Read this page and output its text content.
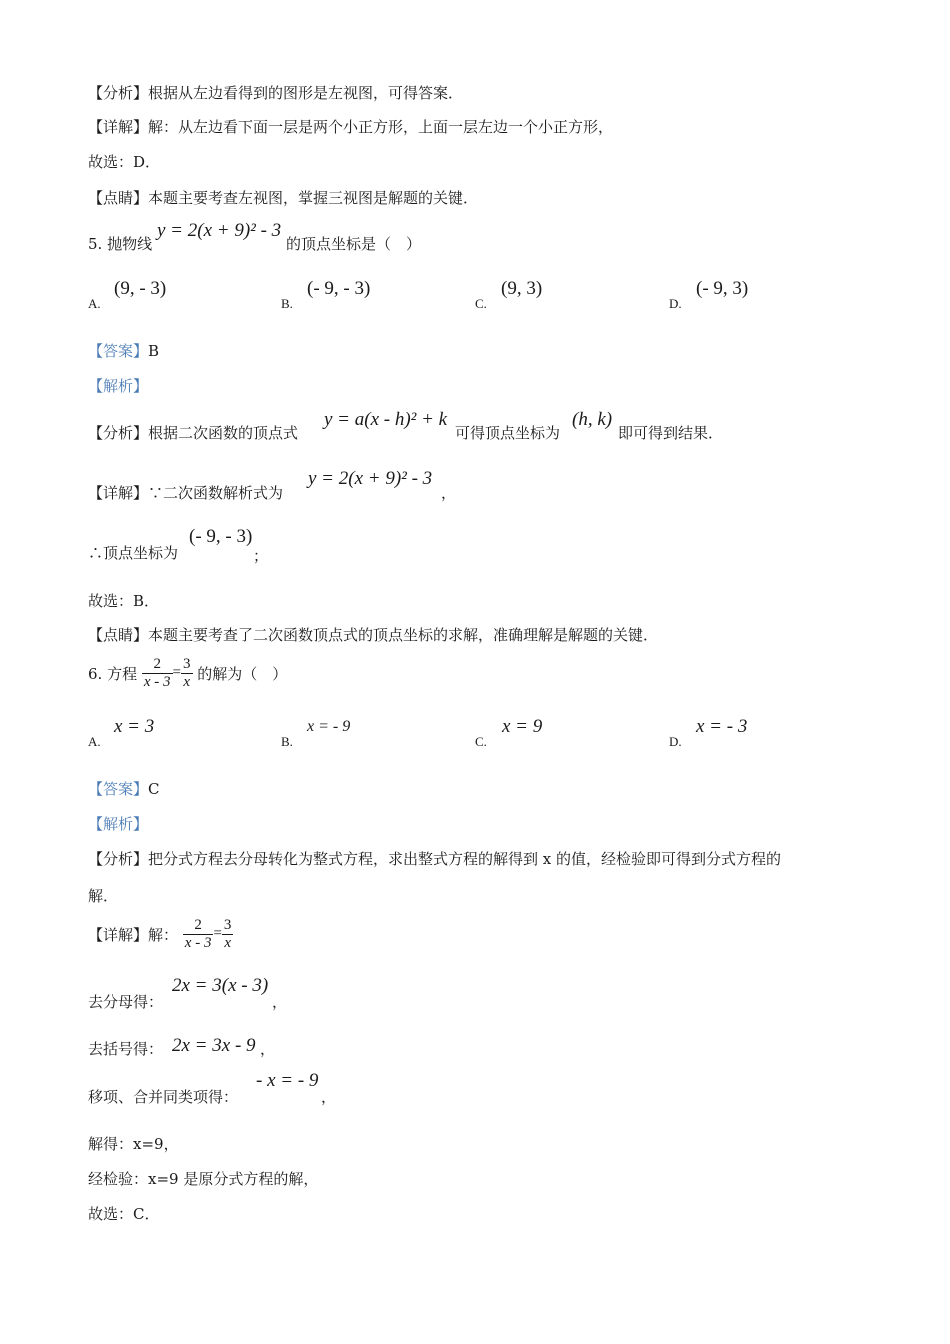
【分析】根据从左边看得到的图形是左视图，可得答案．
【详解】解：从左边看下面一层是两个小正方形，上面一层左边一个小正方形，
故选：D．
【点睛】本题主要考查左视图，掌握三视图是解题的关键．
5. 抛物线
y = 2(x + 9)² - 3
的顶点坐标是（　）
A.
(9, - 3)
B.
(- 9, - 3)
C.
(9, 3)
D.
(- 9, 3)
【答案】B
【解析】
【分析】根据二次函数的顶点式
y = a(x - h)² + k
可得顶点坐标为
(h, k)
即可得到结果．
【详解】∵二次函数解析式为
y = 2(x + 9)² - 3
，
∴顶点坐标为
(- 9, - 3)
；
故选：B．
【点睛】本题主要考查了二次函数顶点式的顶点坐标的求解，准确理解是解题的关键．
6. 方程 $\frac{2}{x - 3} = \frac{3}{x}$ 的解为（　）
A.
x = 3
B.
x = - 9
C.
x = 9
D.
x = - 3
【答案】C
【解析】
【分析】把分式方程去分母转化为整式方程，求出整式方程的解得到 x 的值，经检验即可得到分式方程的
解．
【详解】解： $\frac{2}{x - 3} = \frac{3}{x}$
去分母得：
2x = 3(x - 3)
，
去括号得： 2x = 3x - 9 ，
移项、合并同类项得：
- x = - 9
，
解得：x=9，
经检验：x=9 是原分式方程的解，
故选：C．
